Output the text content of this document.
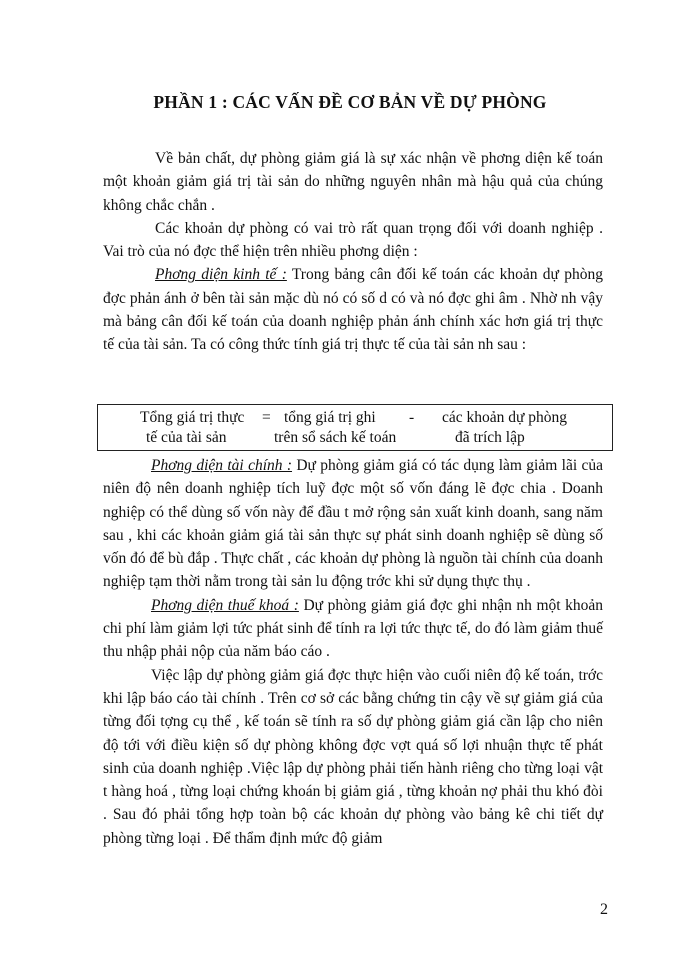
PHẦN 1 : CÁC VẤN ĐỀ CƠ BẢN VỀ DỰ PHÒNG

Về bản chất, dự phòng giảm giá là sự xác nhận về phơng diện kế toán một khoản giảm giá trị tài sản do những nguyên nhân mà hậu quả của chúng không chắc chắn .

Các khoản dự phòng có vai trò rất quan trọng đối với doanh nghiệp . Vai trò của nó đợc thể hiện trên nhiều phơng diện :

Phơng diện kinh tế : Trong bảng cân đối kế toán các khoản dự phòng đợc phản ánh ở bên tài sản mặc dù nó có số d có và nó đợc ghi âm . Nhờ nh vậy mà bảng cân đối kế toán của doanh nghiệp phản ánh chính xác hơn giá trị thực tế của tài sản. Ta có công thức tính giá trị thực tế của tài sản nh sau :

Tổng giá trị thực
tế của tài sản
= tổng giá trị ghi
trên sổ sách kế toán
- các khoản dự phòng
đã trích lập

Phơng diện tài chính : Dự phòng giảm giá có tác dụng làm giảm lãi của niên độ nên doanh nghiệp tích luỹ đợc một số vốn đáng lẽ đợc chia . Doanh nghiệp có thể dùng số vốn này để đầu t mở rộng sản xuất kinh doanh, sang năm sau , khi các khoản giảm giá tài sản thực sự phát sinh doanh nghiệp sẽ dùng số vốn đó để bù đắp . Thực chất , các khoản dự phòng là nguồn tài chính của doanh nghiệp tạm thời nằm trong tài sản lu động trớc khi sử dụng thực thụ .

Phơng diện thuế khoá : Dự phòng giảm giá đợc ghi nhận nh một khoản chi phí làm giảm lợi tức phát sinh để tính ra lợi tức thực tế, do đó làm giảm thuế thu nhập phải nộp của năm báo cáo .

Việc lập dự phòng giảm giá đợc thực hiện vào cuối niên độ kế toán, trớc khi lập báo cáo tài chính . Trên cơ sở các bằng chứng tin cậy về sự giảm giá của từng đối tợng cụ thể , kế toán sẽ tính ra số dự phòng giảm giá cần lập cho niên độ tới với điều kiện số dự phòng không đợc vợt quá số lợi nhuận thực tế phát sinh của doanh nghiệp .Việc lập dự phòng phải tiến hành riêng cho từng loại vật t hàng hoá , từng loại chứng khoán bị giảm giá , từng khoản nợ phải thu khó đòi . Sau đó phải tổng hợp toàn bộ các khoản dự phòng vào bảng kê chi tiết dự phòng từng loại . Để thẩm định mức độ giảm

2
